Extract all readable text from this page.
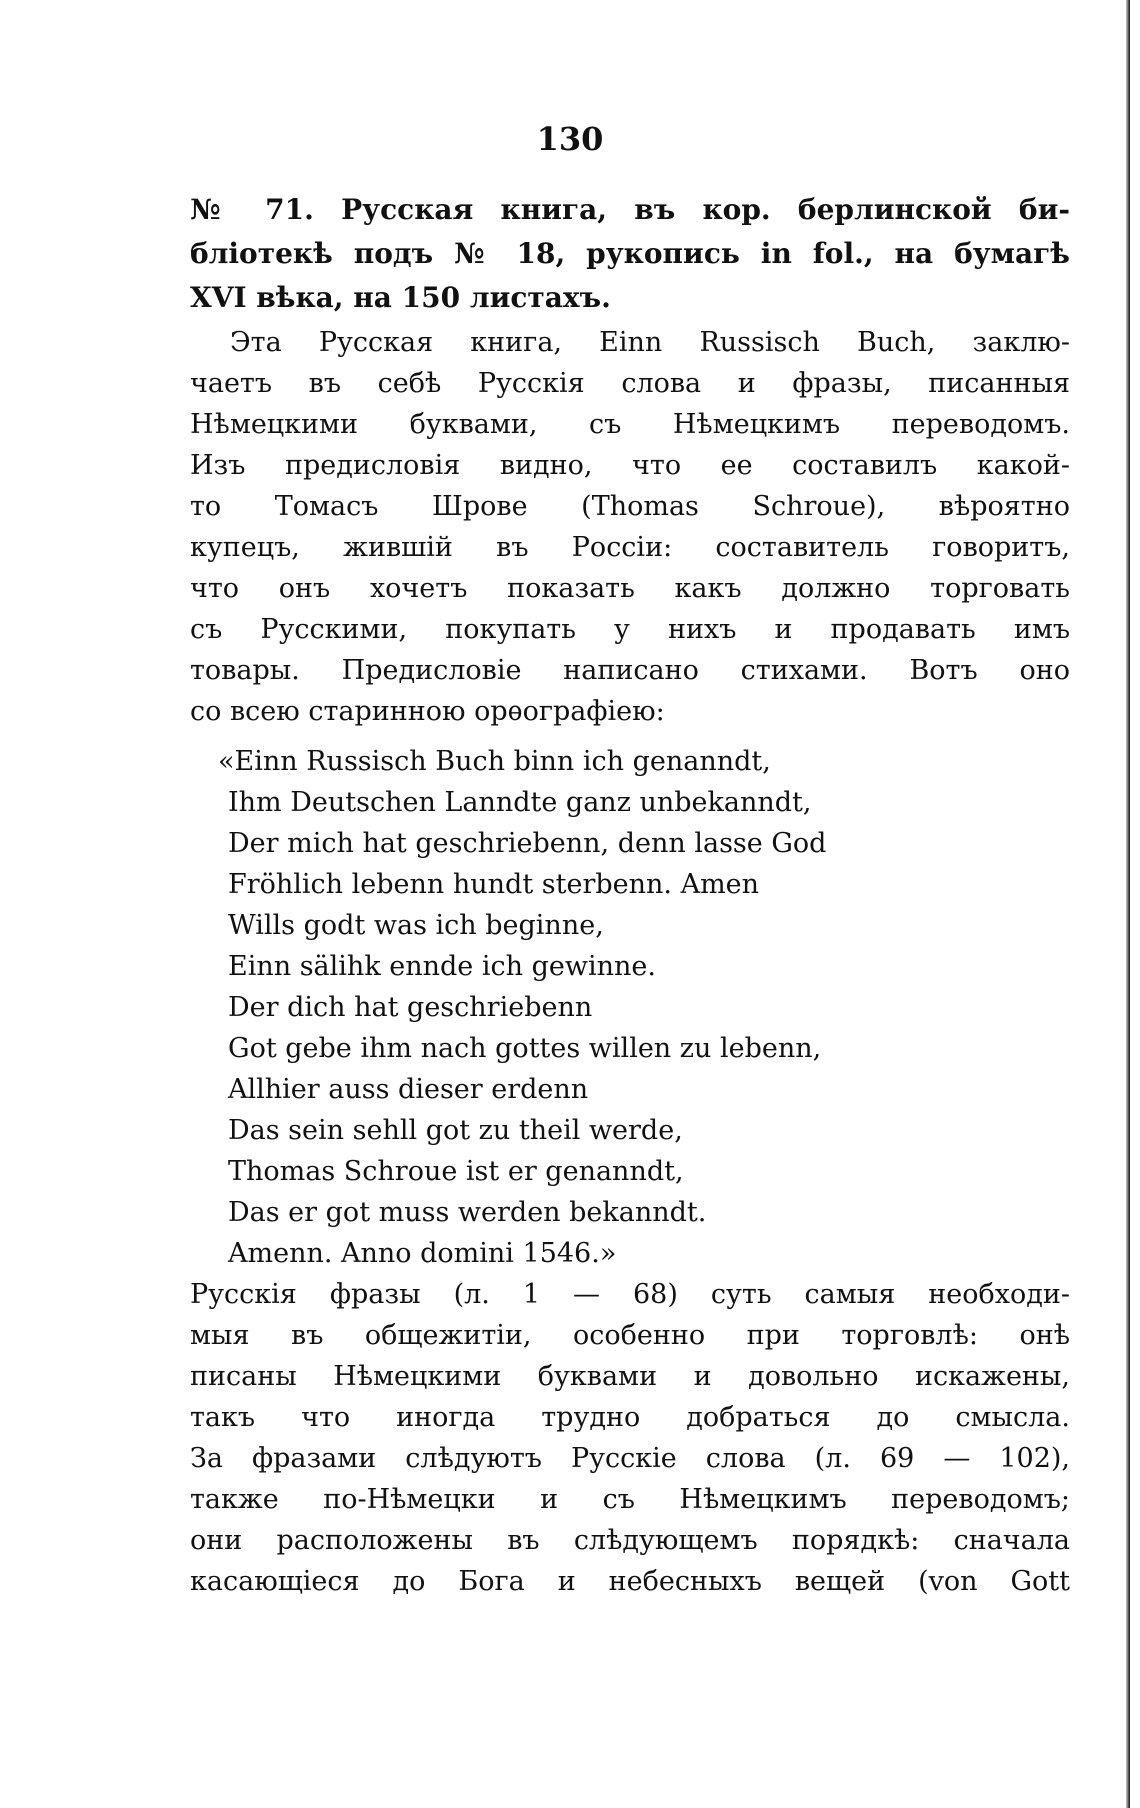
130
№ 71. Русская книга, въ кор. берлинской би-
бліотекѣ подъ № 18, рукопись in fol., на бумагѣ
XVI вѣка, на 150 листахъ.
Эта Русская книга, Einn Russisch Buch, заклю-
чаетъ въ себѣ Русскія слова и фразы, писанныя
Нѣмецкими буквами, съ Нѣмецкимъ переводомъ.
Изъ предисловія видно, что ее составилъ какой-
то Томасъ Шрове (Thomas Schroue), вѣроятно
купецъ, жившій въ Россіи: составитель говоритъ,
что онъ хочетъ показать какъ должно торговать
съ Русскими, покупать у нихъ и продавать имъ
товары. Предисловіе написано стихами. Вотъ оно
со всею старинною орѳографіею:
«Einn Russisch Buch binn ich genanndt,
Ihm Deutschen Lanndte ganz unbekanndt,
Der mich hat geschriebenn, denn lasse God
Fröhlich lebenn hundt sterbenn. Amen
Wills godt was ich beginne,
Einn sälihk ennde ich gewinne.
Der dich hat geschriebenn
Got gebe ihm nach gottes willen zu lebenn,
Allhier auss dieser erdenn
Das sein sehll got zu theil werde,
Thomas Schroue ist er genanndt,
Das er got muss werden bekanndt.
Amenn. Anno domini 1546.»
Русскія фразы (л. 1 — 68) суть самыя необходи-
мыя въ общежитіи, особенно при торговлѣ: онѣ
писаны Нѣмецкими буквами и довольно искажены,
такъ что иногда трудно добраться до смысла.
За фразами слѣдуютъ Русскіе слова (л. 69 — 102),
также по-Нѣмецки и съ Нѣмецкимъ переводомъ;
они расположены въ слѣдующемъ порядкѣ: сначала
касающіеся до Бога и небесныхъ вещей (von Gott
